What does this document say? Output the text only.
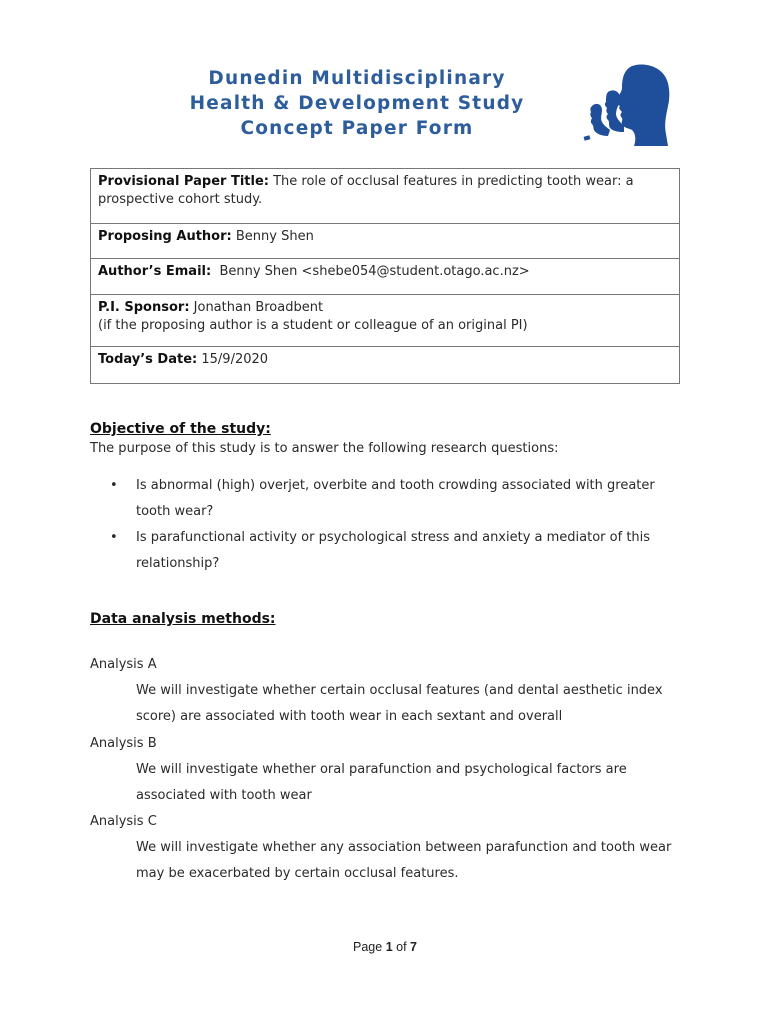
Dunedin Multidisciplinary
Health & Development Study
Concept Paper Form
Provisional Paper Title: The role of occlusal features in predicting tooth wear: a prospective cohort study.
Proposing Author: Benny Shen
Author’s Email: Benny Shen <shebe054@student.otago.ac.nz>
P.I. Sponsor: Jonathan Broadbent
(if the proposing author is a student or colleague of an original PI)
Today’s Date: 15/9/2020
Objective of the study:
The purpose of this study is to answer the following research questions:
• Is abnormal (high) overjet, overbite and tooth crowding associated with greater tooth wear?
• Is parafunctional activity or psychological stress and anxiety a mediator of this relationship?
Data analysis methods:
Analysis A
We will investigate whether certain occlusal features (and dental aesthetic index score) are associated with tooth wear in each sextant and overall
Analysis B
We will investigate whether oral parafunction and psychological factors are associated with tooth wear
Analysis C
We will investigate whether any association between parafunction and tooth wear may be exacerbated by certain occlusal features.
Page 1 of 7
